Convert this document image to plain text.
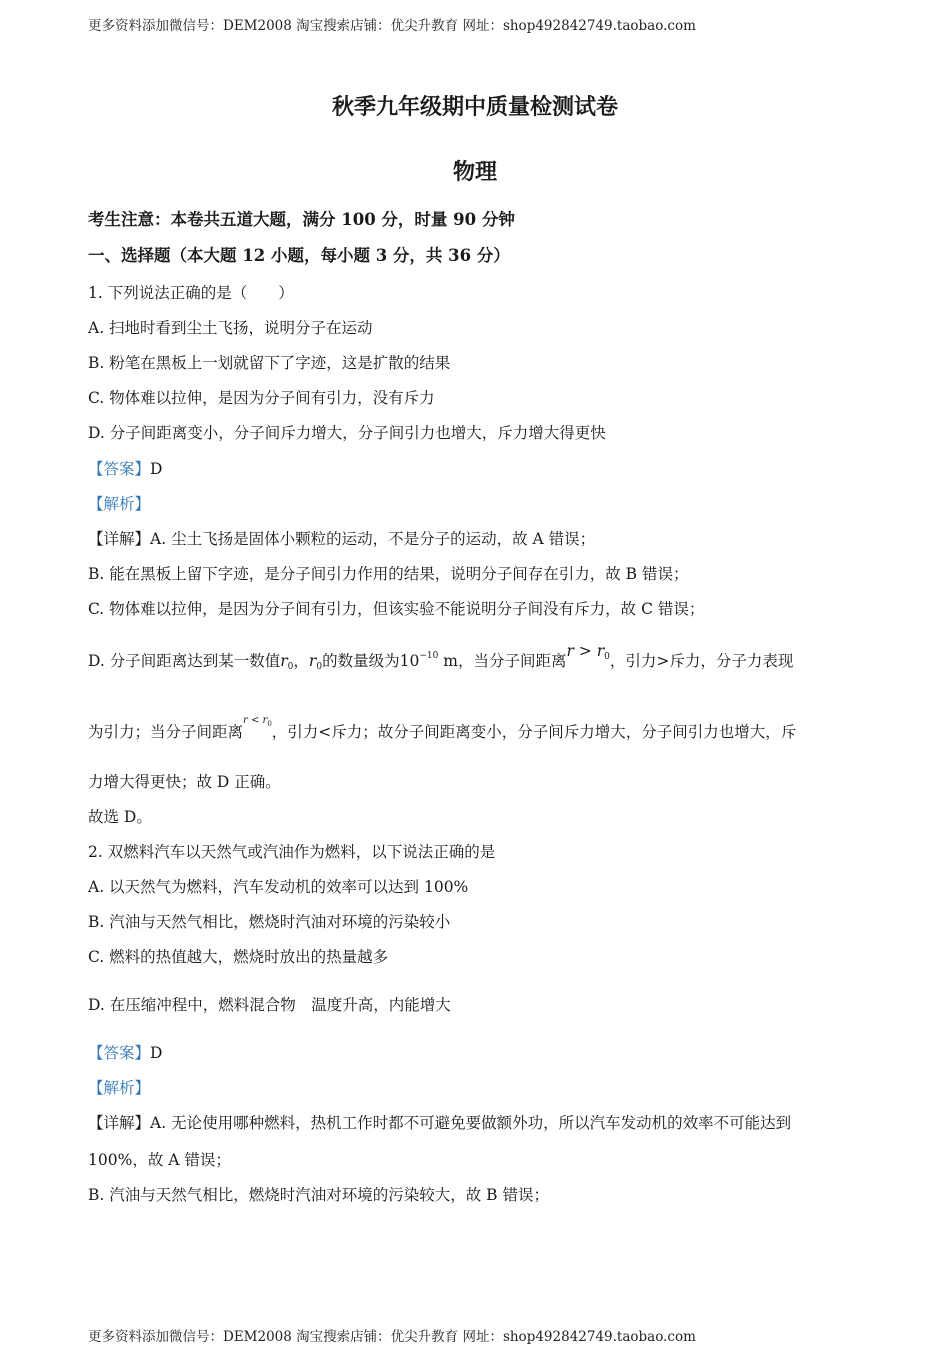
更多资料添加微信号：DEM2008 淘宝搜索店铺：优尖升教育 网址：shop492842749.taobao.com
秋季九年级期中质量检测试卷
物理
考生注意：本卷共五道大题，满分 100 分，时量 90 分钟
一、选择题（本大题 12 小题，每小题 3 分，共 36 分）
1. 下列说法正确的是（　　）
A. 扫地时看到尘土飞扬，说明分子在运动
B. 粉笔在黑板上一划就留下了字迹，这是扩散的结果
C. 物体难以拉伸，是因为分子间有引力，没有斥力
D. 分子间距离变小，分子间斥力增大，分子间引力也增大，斥力增大得更快
【答案】D
【解析】
【详解】A. 尘土飞扬是固体小颗粒的运动，不是分子的运动，故 A 错误；
B. 能在黑板上留下字迹，是分子间引力作用的结果，说明分子间存在引力，故 B 错误；
C. 物体难以拉伸，是因为分子间有引力，但该实验不能说明分子间没有斥力，故 C 错误；
D. 分子间距离达到某一数值$r_0$，$r_0$的数量级为$10^{-10}$ m，当分子间距离$r > r_0$，引力>斥力，分子力表现
为引力；当分子间距离$^{r < r_0}$，引力<斥力；故分子间距离变小，分子间斥力增大，分子间引力也增大，斥
力增大得更快；故 D 正确。
故选 D。
2. 双燃料汽车以天然气或汽油作为燃料，以下说法正确的是
A. 以天然气为燃料，汽车发动机的效率可以达到 100%
B. 汽油与天然气相比，燃烧时汽油对环境的污染较小
C. 燃料的热值越大，燃烧时放出的热量越多
D. 在压缩冲程中，燃料混合物　温度升高，内能增大
【答案】D
【解析】
【详解】A. 无论使用哪种燃料，热机工作时都不可避免要做额外功，所以汽车发动机的效率不可能达到
100%，故 A 错误；
B. 汽油与天然气相比，燃烧时汽油对环境的污染较大，故 B 错误；
更多资料添加微信号：DEM2008 淘宝搜索店铺：优尖升教育 网址：shop492842749.taobao.com
